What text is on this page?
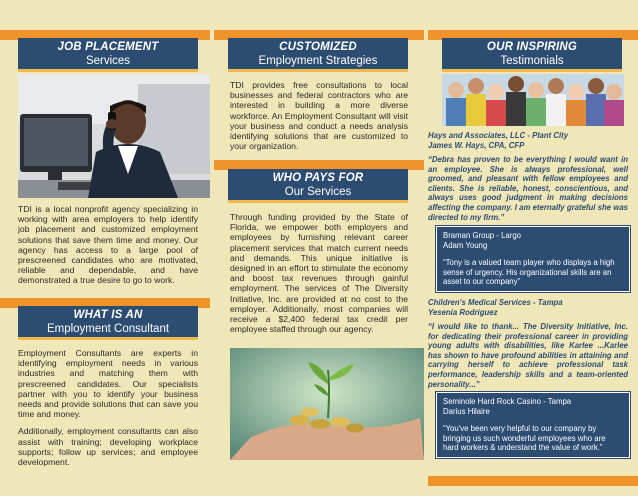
JOB PLACEMENT
Services
TDI is a local nonprofit agency specializing in working with area employers to help identify job placement and customized employment solutions that save them time and money. Our agency has access to a large pool of prescreened candidates who are motivated, reliable and dependable, and have demonstrated a true desire to go to work.
WHAT IS AN
Employment Consultant

Employment Consultants are experts in identifying employment needs in various industries and matching them with prescreened candidates. Our specialists partner with you to identify your business needs and provide solutions that can save you time and money.

Additionally, employment consultants can also assist with training; developing workplace supports; follow up services; and employee development.

CUSTOMIZED
Employment Strategies
TDI provides free consultations to local businesses and federal contractors who are interested in building a more diverse workforce. An Employment Consultant will visit your business and conduct a needs analysis identifying solutions that are customized to your organization.
WHO PAYS FOR
Our Services
Through funding provided by the State of Florida, we empower both employers and employees by furnishing relevant career placement services that match current needs and demands. This unique initiative is designed in an effort to stimulate the economy and boost tax revenues through gainful employment. The services of The Diversity Initiative, Inc. are provided at no cost to the employer. Additionally, most companies will receive a $2,400 federal tax credit per employee staffed through our agency.
OUR INSPIRING
Testimonials
Hays and Associates, LLC - Plant City
James W. Hays, CPA, CFP
“Debra has proven to be everything I would want in an employee. She is always professional, well groomed, and pleasant with fellow employees and clients. She is reliable, honest, conscientious, and always uses good judgment in making decisions affecting the company. I am eternally grateful she was directed to my firm.”
Braman Group - Largo
Adam Young
“Tony is a valued team player who displays a high sense of urgency. His organizational skills are an asset to our company”
Children's Medical Services - Tampa
Yesenia Rodriguez
“I would like to thank... The Diversity Initiative, Inc. for dedicating their professional career in providing young adults with disabilities, like Karlee ...Karlee has shown to have profound abilities in attaining and carrying herself to achieve professional task performance, leadership skills and a team-oriented personality...”
Seminole Hard Rock Casino - Tampa
Darius Hilaire
“You've been very helpful to our company by bringing us such wonderful employees who are hard workers & understand the value of work.”
